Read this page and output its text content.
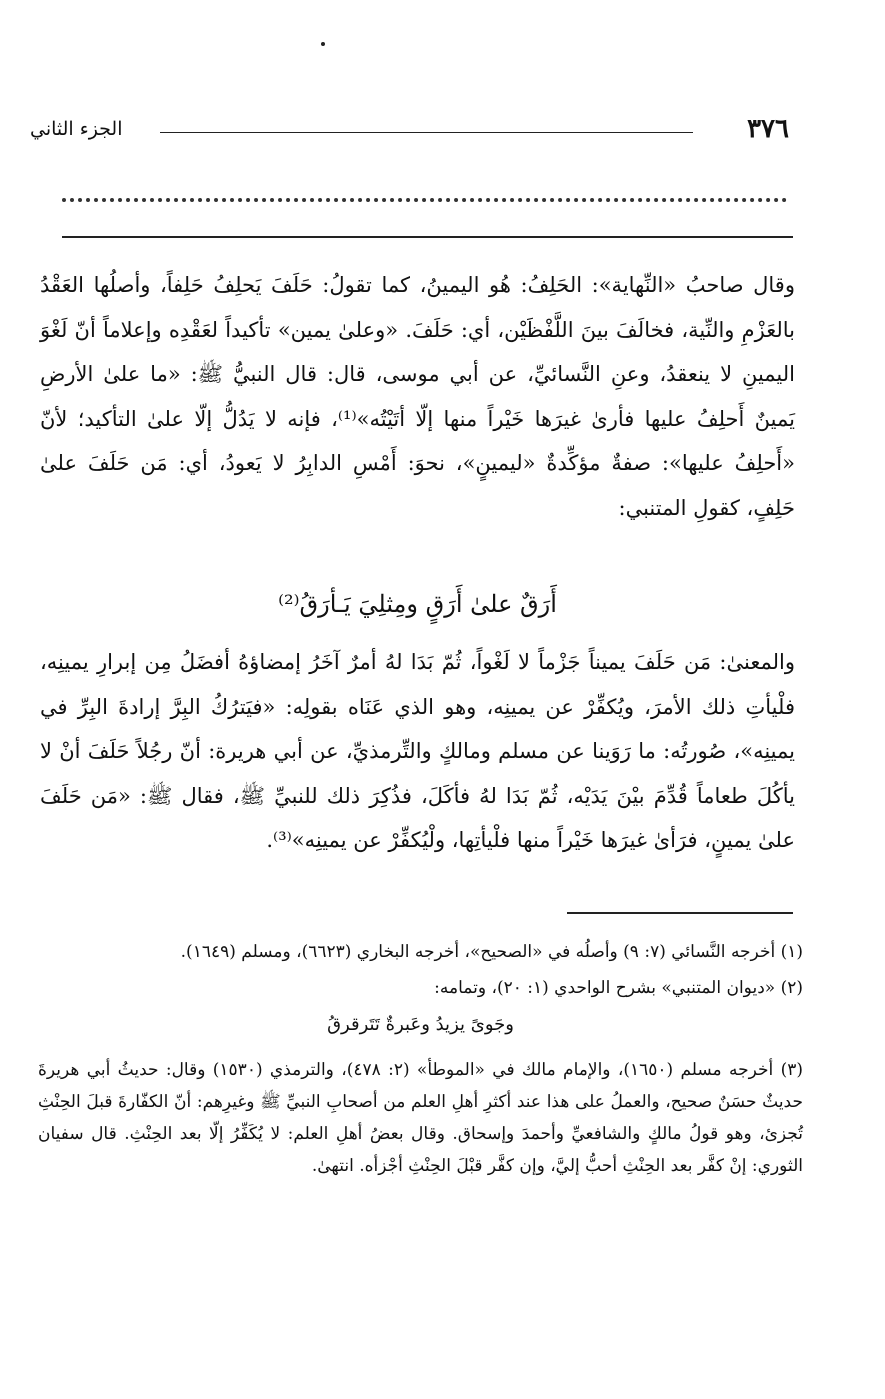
٣٧٦
الجزء الثاني

وقال صاحبُ «النِّهاية»: الحَلِفُ: هُو اليمينُ، كما تقولُ: حَلَفَ يَحلِفُ حَلِفاً، وأصلُها العَقْدُ بالعَزْمِ والنِّية، فخالَفَ بينَ اللَّفْظَيْن، أي: حَلَفَ. «وعلىٰ يمين» تأكيداً لعَقْدِه وإعلاماً أنّ لَغْوَ اليمينِ لا ينعقدُ، وعنِ النَّسائيِّ، عن أبي موسى، قال: قال النبيُّ ﷺ: «ما علىٰ الأرضِ يَمينٌ أَحلِفُ عليها فأرىٰ غيرَها خَيْراً منها إلّا أتَيْتُه»⁽¹⁾، فإنه لا يَدُلُّ إلّا علىٰ التأكيد؛ لأنّ «أَحلِفُ عليها»: صفةٌ مؤكِّدةٌ «ليمينٍ»، نحوَ: أَمْسِ الدابِرُ لا يَعودُ، أي: مَن حَلَفَ علىٰ حَلِفٍ، كقولِ المتنبي:

أَرَقٌ علىٰ أَرَقٍ ومِثلِيَ يَـأرَقُ⁽²⁾

والمعنىٰ: مَن حَلَفَ يميناً جَزْماً لا لَغْواً، ثُمّ بَدَا لهُ أمرٌ آخَرُ إمضاؤهُ أفضَلُ مِن إبرارِ يمينِه، فلْيأتِ ذلك الأمرَ، ويُكفِّرْ عن يمينِه، وهو الذي عَنَاه بقولِه: «فيَترُكُ البِرَّ إرادةَ البِرِّ في يمينِه»، صُورتُه: ما رَوَينا عن مسلم ومالكٍ والتِّرمذيِّ، عن أبي هريرة: أنّ رجُلاً حَلَفَ أنْ لا يأكُلَ طعاماً قُدِّمَ بيْنَ يَدَيْه، ثُمّ بَدَا لهُ فأكَلَ، فذُكِرَ ذلك للنبيِّ ﷺ، فقال ﷺ: «مَن حَلَفَ علىٰ يمينٍ، فرَأىٰ غيرَها خَيْراً منها فلْيأتِها، ولْيُكفِّرْ عن يمينِه»⁽³⁾.

(١) أخرجه النَّسائي (٧: ٩) وأصلُه في «الصحيح»، أخرجه البخاري (٦٦٢٣)، ومسلم (١٦٤٩).

(٢) «ديوان المتنبي» بشرح الواحدي (١: ٢٠)، وتمامه:

وجَوىً يزيدُ وعَبرةٌ تَتَرقرقُ

(٣) أخرجه مسلم (١٦٥٠)، والإمام مالك في «الموطأ» (٢: ٤٧٨)، والترمذي (١٥٣٠) وقال: حديثُ أبي هريرةَ حديثٌ حسَنٌ صحيح، والعملُ على هذا عند أكثرِ أهلِ العلم من أصحابِ النبيِّ ﷺ وغيرِهم: أنّ الكفّارةَ قبلَ الحِنْثِ تُجزئ، وهو قولُ مالكٍ والشافعيِّ وأحمدَ وإسحاق. وقال بعضُ أهلِ العلم: لا يُكَفِّرُ إلّا بعد الحِنْثِ. قال سفيان الثوري: إنْ كفَّر بعد الحِنْثِ أحبُّ إليَّ، وإن كفَّر قبْلَ الحِنْثِ أجْزأه. انتهىٰ.
